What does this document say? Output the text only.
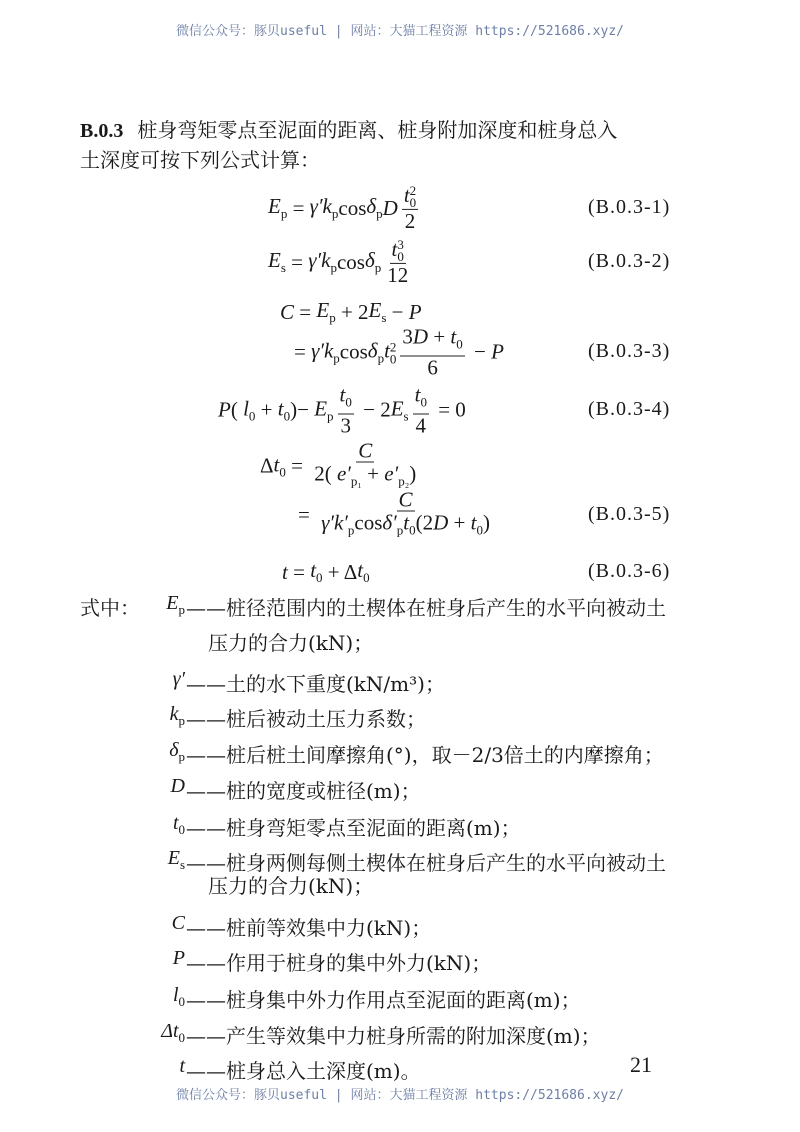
微信公众号：豚贝useful | 网站：大猫工程资源 https://521686.xyz/
B.0.3 桩身弯矩零点至泥面的距离、桩身附加深度和桩身总入
土深度可按下列公式计算：
$E_p = \gamma'k_p$ $\cos \delta_p$ D t 2
0
2	(B.0.3-1)
$E_s = \gamma'k_p$ $\cos \delta_p$ t 3
0
12	(B.0.3-2)
$C = E_p + 2$ $E_s - P$
= $\gamma'k_p$ $\cos \delta_p$ t 2
$0 \frac{3D + t_0}{6} - P$	(B.0.3-3)
P ( $l_0 + t_0$ )− $E_p \frac{t_0}{3} - 2$ $E_s \frac{t_0}{4} = 0$	(B.0.3-4)
Δ $t_0 = \frac{C}{2( e'_{p_1} + e'_{p_2})}$
= $\frac{C}{\gamma'k'_p\cos\delta'_pt_0(2D + t_0)}$	(B.0.3-5)
$t = t_0 + \Delta$ $t_0$	(B.0.3-6)
式中：	$E_p$ ——桩径范围内的土楔体在桩身后产生的水平向被动土
压力的合力(kN)；
γ′ ——土的水下重度(kN/m³)；
$k_p$ ——桩后被动土压力系数；
$\delta_p$ ——桩后桩土间摩擦角(°)，取－2/3倍土的内摩擦角；
D ——桩的宽度或桩径(m)；
$t_0$ ——桩身弯矩零点至泥面的距离(m)；
$E_s$ ——桩身两侧每侧土楔体在桩身后产生的水平向被动土
压力的合力(kN)；
C ——桩前等效集中力(kN)；
P ——作用于桩身的集中外力(kN)；
$l_0$ ——桩身集中外力作用点至泥面的距离(m)；
$\Delta t_0$ ——产生等效集中力桩身所需的附加深度(m)；
t ——桩身总入土深度(m)。	21
微信公众号：豚贝useful | 网站：大猫工程资源 https://521686.xyz/
